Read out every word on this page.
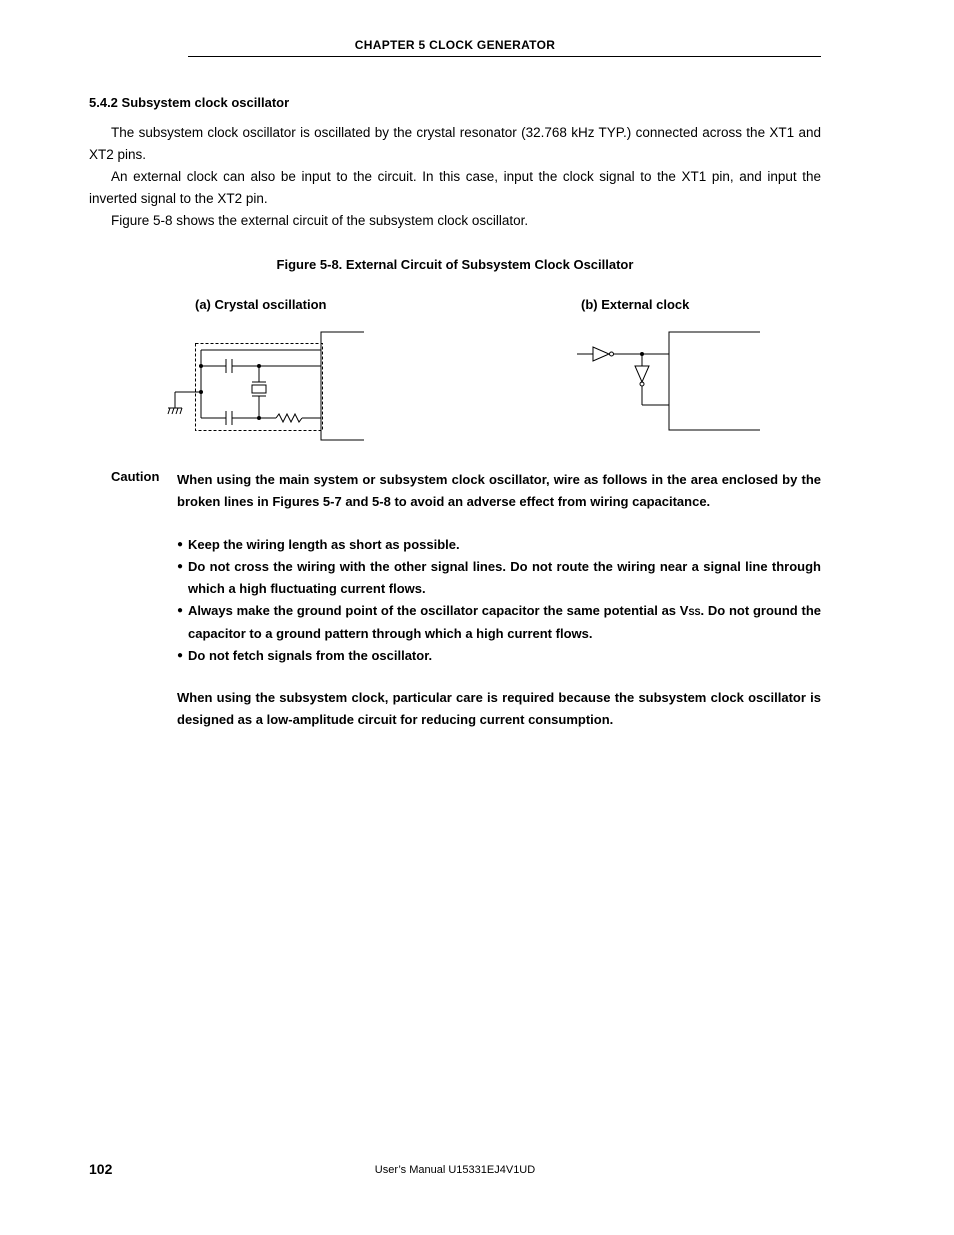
CHAPTER 5 CLOCK GENERATOR
5.4.2 Subsystem clock oscillator
The subsystem clock oscillator is oscillated by the crystal resonator (32.768 kHz TYP.) connected across the XT1 and XT2 pins.
An external clock can also be input to the circuit. In this case, input the clock signal to the XT1 pin, and input the inverted signal to the XT2 pin.
Figure 5-8 shows the external circuit of the subsystem clock oscillator.
Figure 5-8. External Circuit of Subsystem Clock Oscillator
(a) Crystal oscillation	(b) External clock
Caution When using the main system or subsystem clock oscillator, wire as follows in the area enclosed by the broken lines in Figures 5-7 and 5-8 to avoid an adverse effect from wiring capacitance.
● Keep the wiring length as short as possible.
● Do not cross the wiring with the other signal lines. Do not route the wiring near a signal line through which a high fluctuating current flows.
● Always make the ground point of the oscillator capacitor the same potential as VSS. Do not ground the capacitor to a ground pattern through which a high current flows.
● Do not fetch signals from the oscillator.
When using the subsystem clock, particular care is required because the subsystem clock oscillator is designed as a low-amplitude circuit for reducing current consumption.
102	User’s Manual U15331EJ4V1UD
